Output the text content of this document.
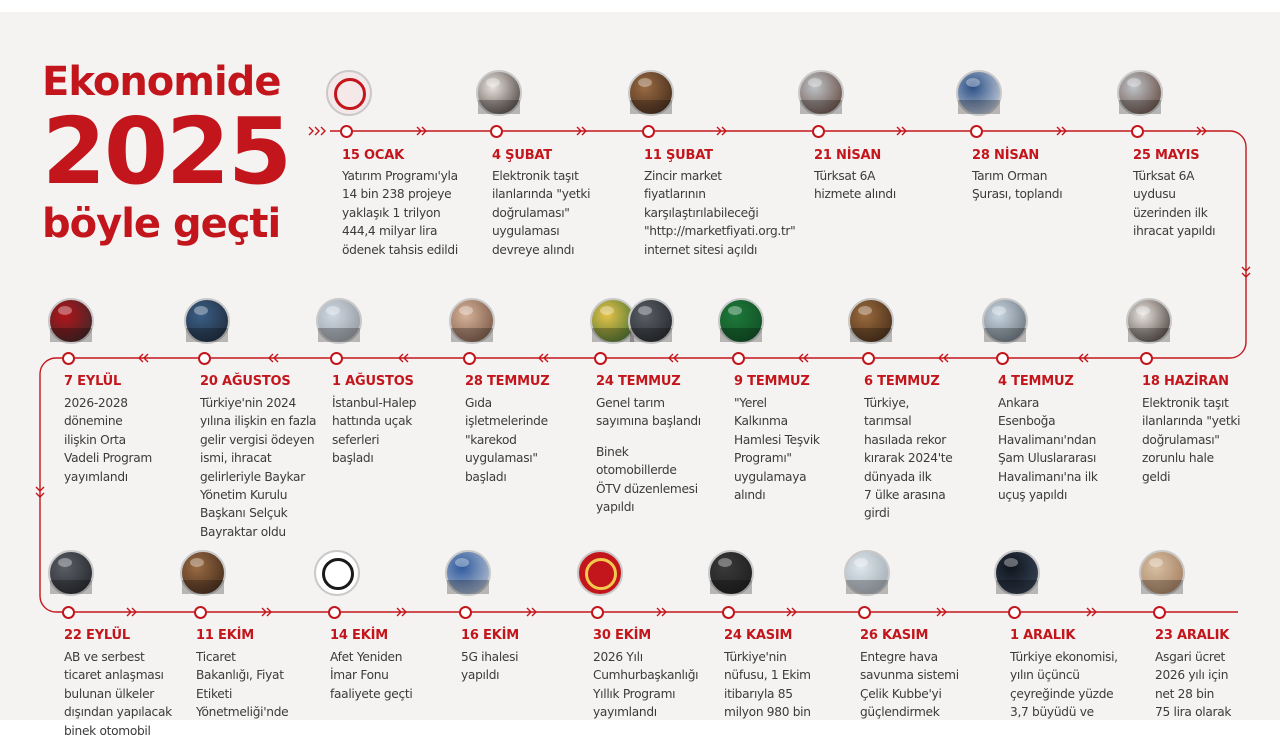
Ekonomide
2025
böyle geçti
15 OCAK
Yatırım Programı'yla
14 bin 238 projeye
yaklaşık 1 trilyon
444,4 milyar lira
ödenek tahsis edildi
4 ŞUBAT
Elektronik taşıt
ilanlarında "yetki
doğrulaması"
uygulaması
devreye alındı
11 ŞUBAT
Zincir market
fiyatlarının
karşılaştırılabileceği
"http://marketfiyati.org.tr"
internet sitesi açıldı
21 NİSAN
Türksat 6A
hizmete alındı
28 NİSAN
Tarım Orman
Şurası, toplandı
25 MAYIS
Türksat 6A
uydusu
üzerinden ilk
ihracat yapıldı
7 EYLÜL
2026-2028
dönemine
ilişkin Orta
Vadeli Program
yayımlandı
20 AĞUSTOS
Türkiye'nin 2024
yılına ilişkin en fazla
gelir vergisi ödeyen
ismi, ihracat
gelirleriyle Baykar
Yönetim Kurulu
Başkanı Selçuk
Bayraktar oldu
1 AĞUSTOS
İstanbul-Halep
hattında uçak
seferleri
başladı
28 TEMMUZ
Gıda
işletmelerinde
"karekod
uygulaması"
başladı
24 TEMMUZ
Genel tarım
sayımına başlandı
Binek
otomobillerde
ÖTV düzenlemesi
yapıldı
9 TEMMUZ
"Yerel
Kalkınma
Hamlesi Teşvik
Programı"
uygulamaya
alındı
6 TEMMUZ
Türkiye,
tarımsal
hasılada rekor
kırarak 2024'te
dünyada ilk
7 ülke arasına
girdi
4 TEMMUZ
Ankara
Esenboğa
Havalimanı'ndan
Şam Uluslararası
Havalimanı'na ilk
uçuş yapıldı
18 HAZİRAN
Elektronik taşıt
ilanlarında "yetki
doğrulaması"
zorunlu hale
geldi
22 EYLÜL
AB ve serbest
ticaret anlaşması
bulunan ülkeler
dışından yapılacak
binek otomobil
11 EKİM
Ticaret
Bakanlığı, Fiyat
Etiketi
Yönetmeliği'nde
14 EKİM
Afet Yeniden
İmar Fonu
faaliyete geçti
16 EKİM
5G ihalesi
yapıldı
30 EKİM
2026 Yılı
Cumhurbaşkanlığı
Yıllık Programı
yayımlandı
24 KASIM
Türkiye'nin
nüfusu, 1 Ekim
itibarıyla 85
milyon 980 bin
26 KASIM
Entegre hava
savunma sistemi
Çelik Kubbe'yi
güçlendirmek
1 ARALIK
Türkiye ekonomisi,
yılın üçüncü
çeyreğinde yüzde
3,7 büyüdü ve
23 ARALIK
Asgari ücret
2026 yılı için
net 28 bin
75 lira olarak
